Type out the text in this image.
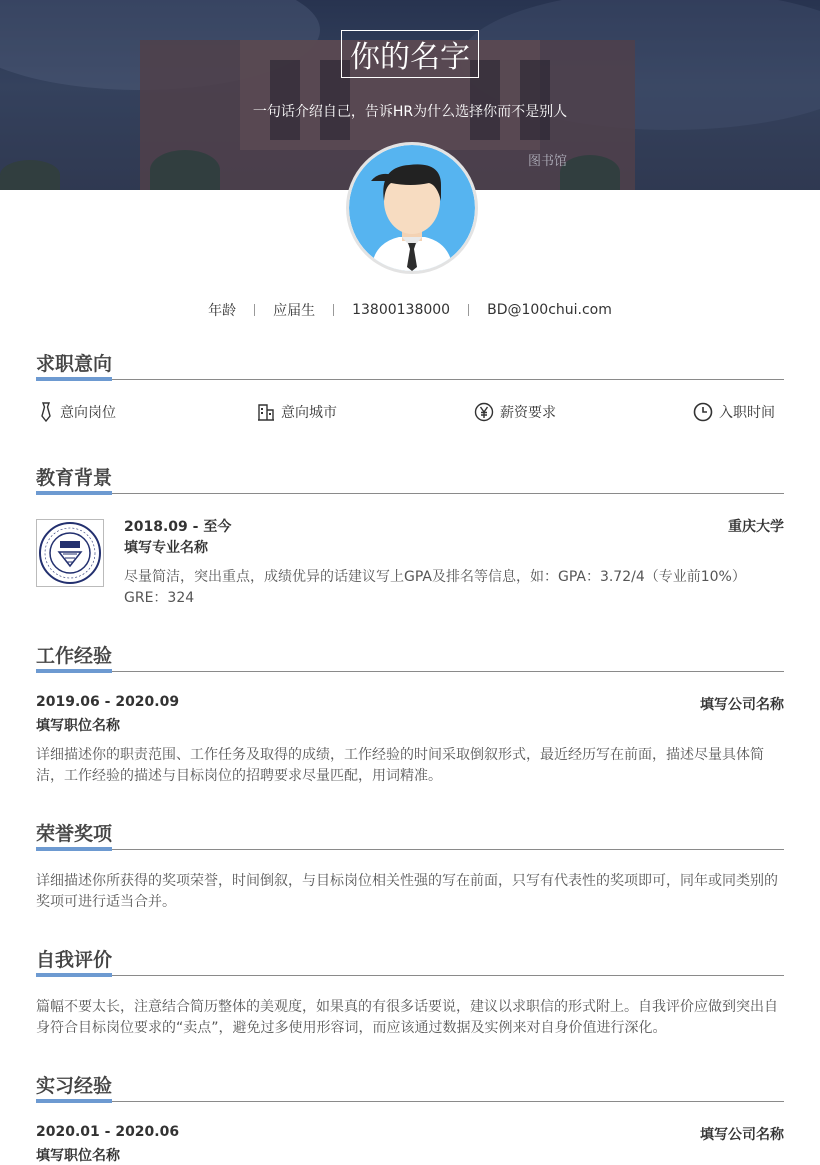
图书馆
你的名字
一句话介绍自己，告诉HR为什么选择你而不是别人
年龄	应届生	13800138000	BD@100chui.com
求职意向
意向岗位	意向城市	薪资要求	入职时间
教育背景
2018.09 - 至今	重庆大学
填写专业名称
尽量简洁，突出重点，成绩优异的话建议写上GPA及排名等信息，如：GPA：3.72/4（专业前10%） GRE：324
工作经验
2019.06 - 2020.09	填写公司名称
填写职位名称
详细描述你的职责范围、工作任务及取得的成绩，工作经验的时间采取倒叙形式，最近经历写在前面，描述尽量具体简洁，工作经验的描述与目标岗位的招聘要求尽量匹配，用词精准。
荣誉奖项
详细描述你所获得的奖项荣誉，时间倒叙，与目标岗位相关性强的写在前面，只写有代表性的奖项即可，同年或同类别的奖项可进行适当合并。
自我评价
篇幅不要太长，注意结合简历整体的美观度，如果真的有很多话要说，建议以求职信的形式附上。自我评价应做到突出自身符合目标岗位要求的“卖点”，避免过多使用形容词，而应该通过数据及实例来对自身价值进行深化。
实习经验
2020.01 - 2020.06	填写公司名称
填写职位名称
